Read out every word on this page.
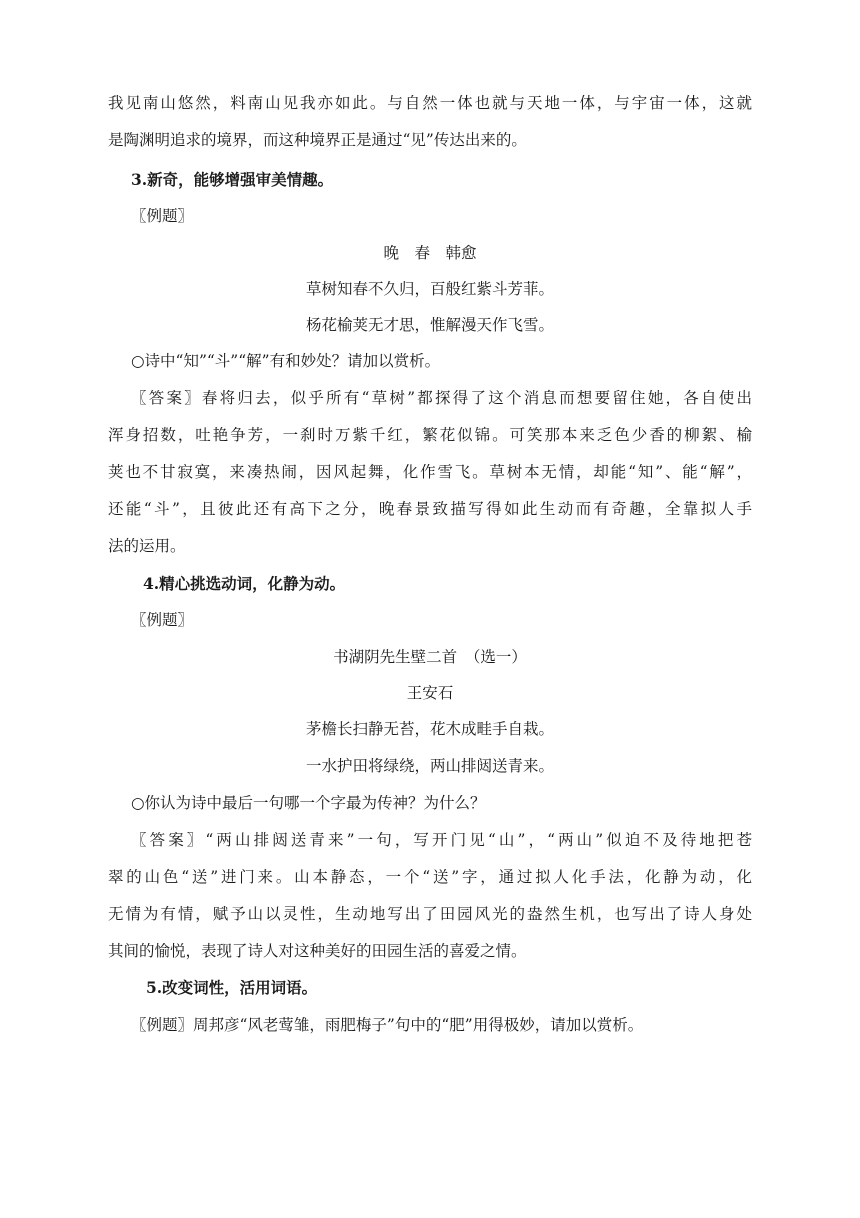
我见南山悠然，料南山见我亦如此。与自然一体也就与天地一体，与宇宙一体，这就
是陶渊明追求的境界，而这种境界正是通过“见”传达出来的。
3.新奇，能够增强审美情趣。
〖例题〗
晚　春　韩愈
草树知春不久归，百般红紫斗芳菲。
杨花榆荚无才思，惟解漫天作飞雪。
○诗中“知”“斗”“解”有和妙处？请加以赏析。
〖答案〗春将归去，似乎所有“草树”都探得了这个消息而想要留住她，各自使出
浑身招数，吐艳争芳，一刹时万紫千红，繁花似锦。可笑那本来乏色少香的柳絮、榆
荚也不甘寂寞，来凑热闹，因风起舞，化作雪飞。草树本无情，却能“知”、能“解”，
还能“斗”，且彼此还有高下之分，晚春景致描写得如此生动而有奇趣，全靠拟人手
法的运用。
4.精心挑选动词，化静为动。
〖例题〗
书湖阴先生壁二首　（选一）
王安石
茅檐长扫静无苔，花木成畦手自栽。
一水护田将绿绕，两山排闼送青来。
○你认为诗中最后一句哪一个字最为传神？为什么？
〖答案〗“两山排闼送青来”一句，写开门见“山”，“两山”似迫不及待地把苍
翠的山色“送”进门来。山本静态，一个“送”字，通过拟人化手法，化静为动，化
无情为有情，赋予山以灵性，生动地写出了田园风光的盎然生机，也写出了诗人身处
其间的愉悦，表现了诗人对这种美好的田园生活的喜爱之情。
5.改变词性，活用词语。
〖例题〗周邦彦“风老莺雏，雨肥梅子”句中的“肥”用得极妙，请加以赏析。
